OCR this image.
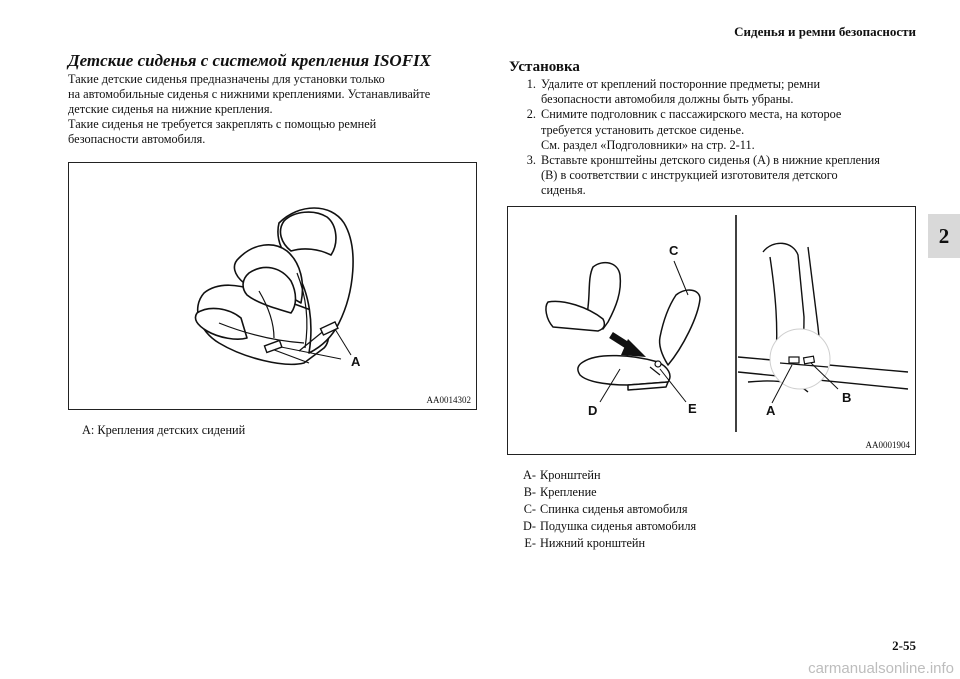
Сиденья и ремни безопасности
2
Детские сиденья с системой крепления ISOFIX
Такие детские сиденья предназначены для установки только
на автомобильные сиденья с нижними креплениями. Устанавливайте
детские сиденья на нижние крепления.
Такие сиденья не требуется закреплять с помощью ремней
безопасности автомобиля.
A
AA0014302
A: Крепления детских сидений
Установка
1. Удалите от креплений посторонние предметы; ремни
безопасности автомобиля должны быть убраны.
2. Снимите подголовник с пассажирского места, на которое
требуется установить детское сиденье.
См. раздел «Подголовники» на стр. 2-11.
3. Вставьте кронштейны детского сиденья (A) в нижние крепления
(B) в соответствии с инструкцией изготовителя детского
сиденья.
C
D	E	A
B
AA0001904
A- Кронштейн
B- Крепление
C- Спинка сиденья автомобиля
D- Подушка сиденья автомобиля
E- Нижний кронштейн
2-55
carmanualsonline.info
